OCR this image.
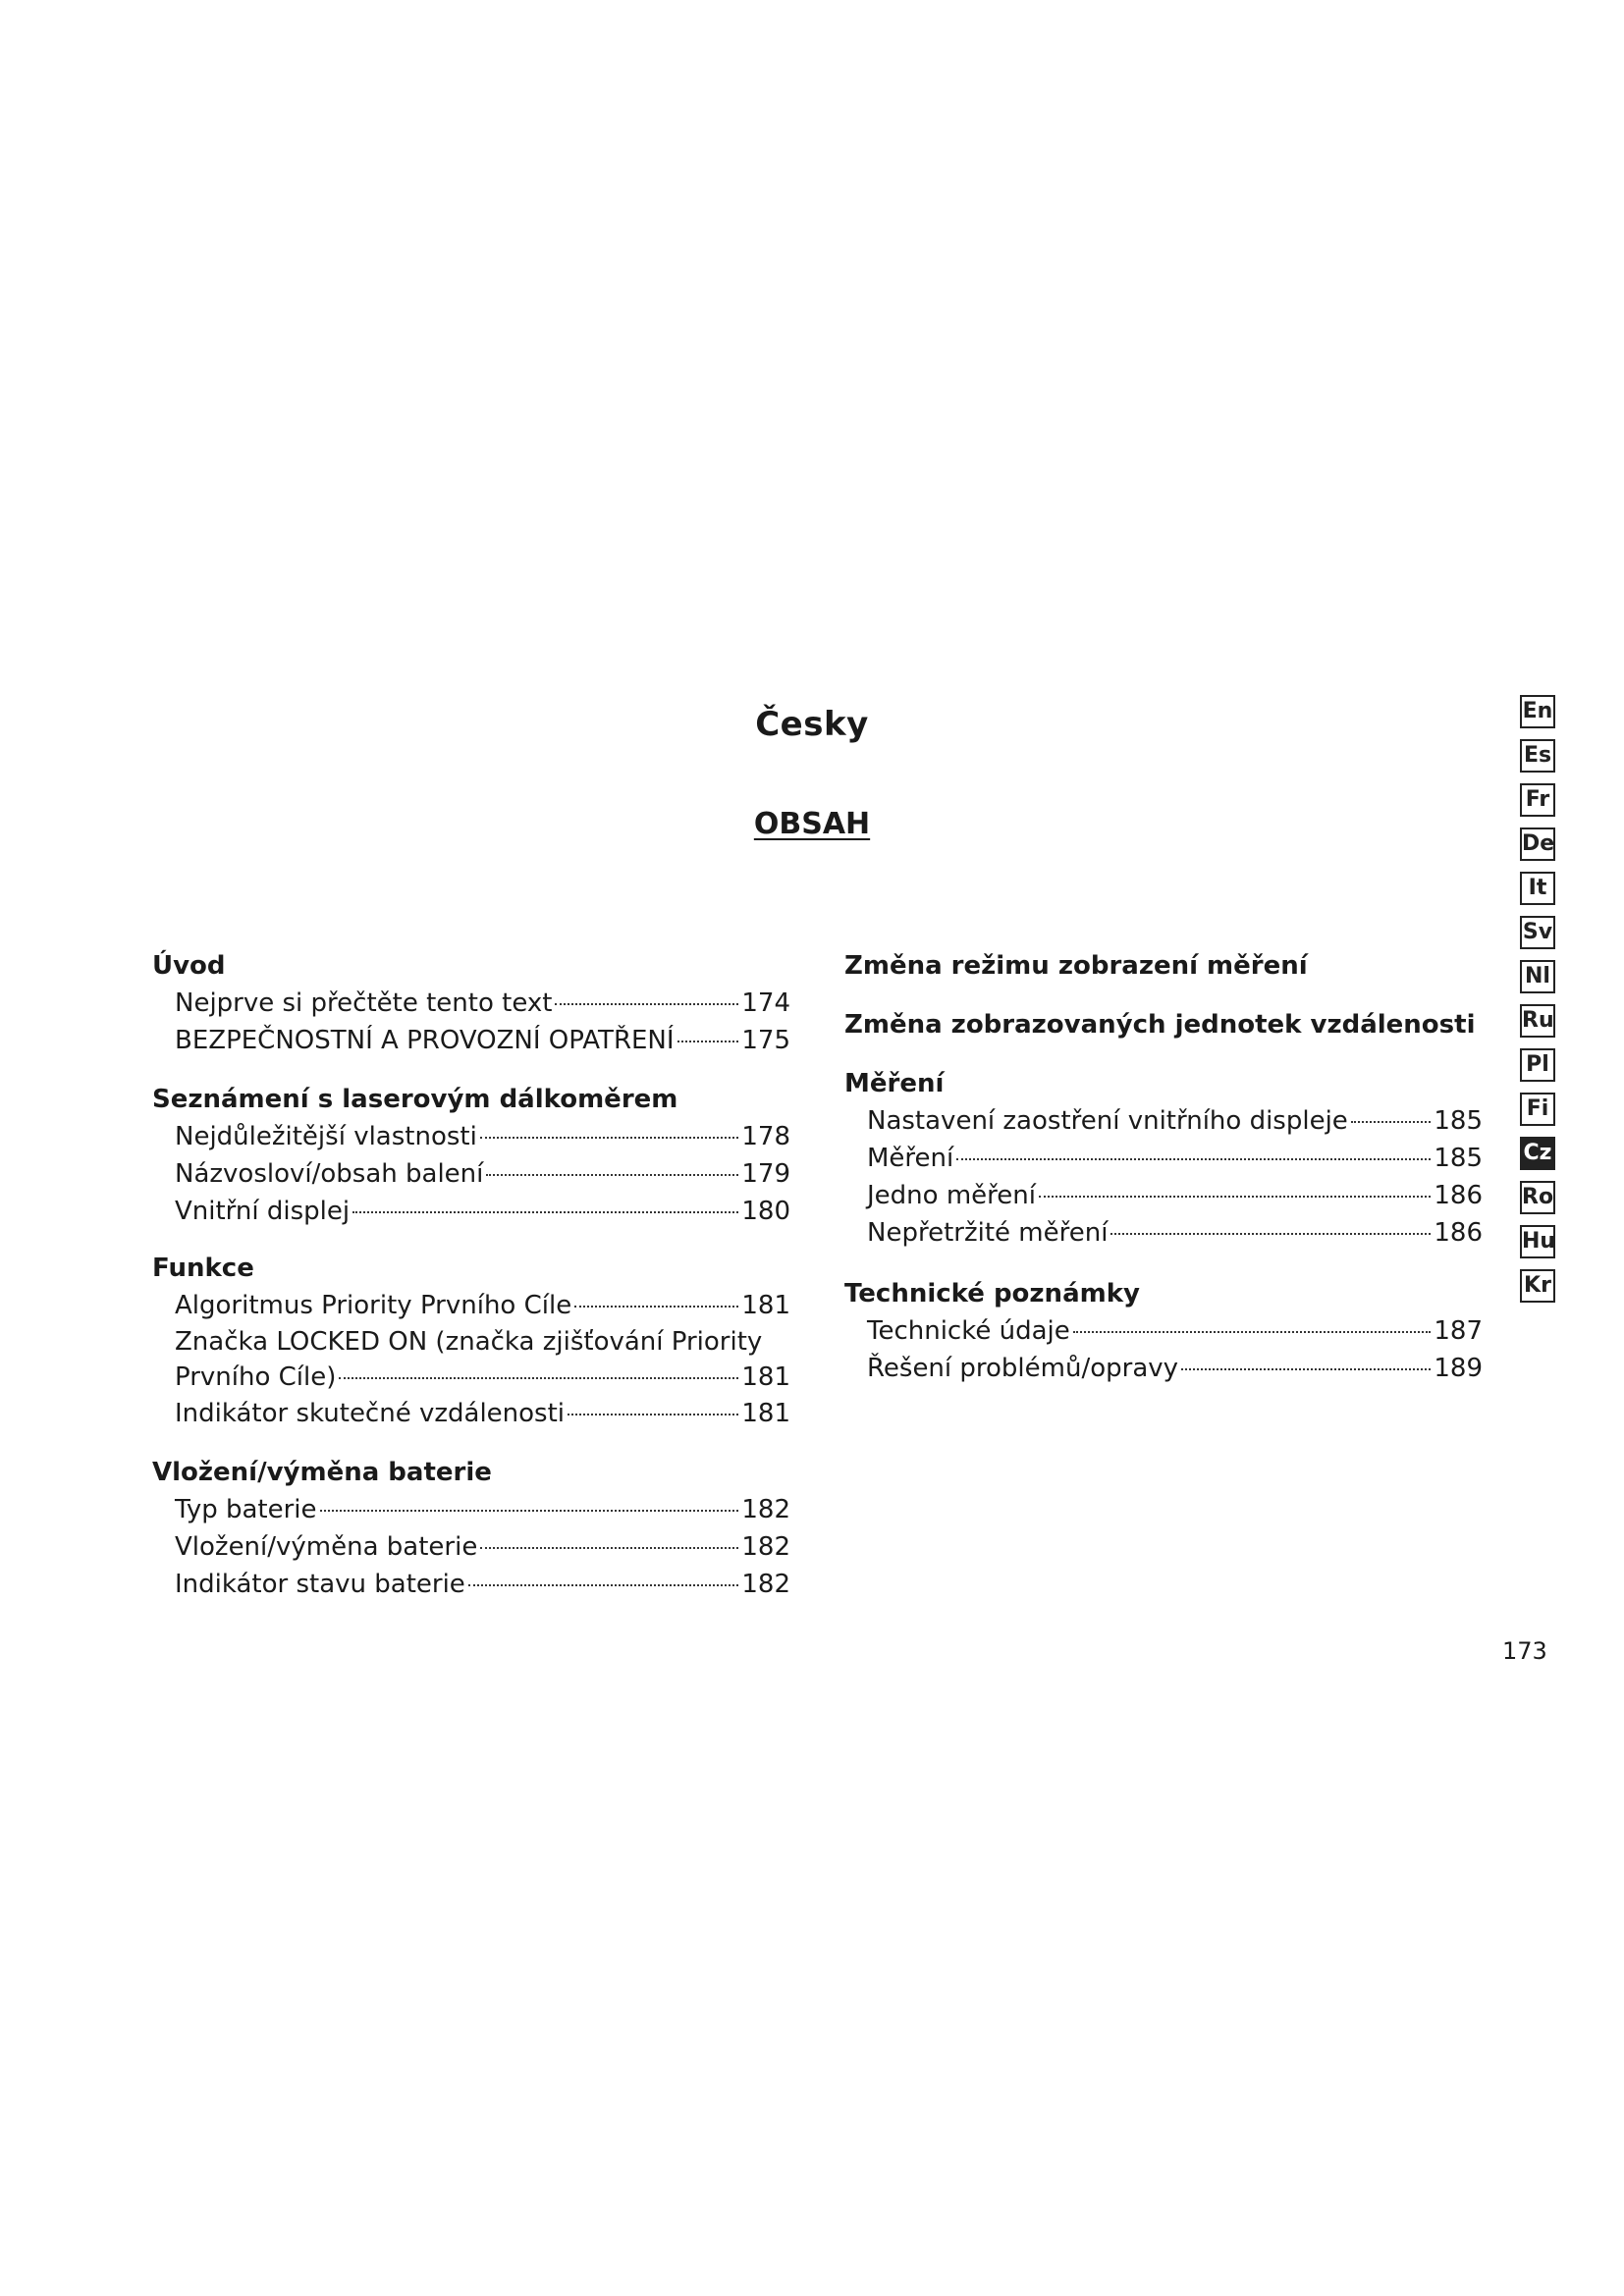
Česky
OBSAH
Úvod
Nejprve si přečtěte tento text	174
BEZPEČNOSTNÍ A PROVOZNÍ OPATŘENÍ	175
Seznámení s laserovým dálkoměrem
Nejdůležitější vlastnosti	178
Názvosloví/obsah balení	179
Vnitřní displej	180
Funkce
Algoritmus Priority Prvního Cíle	181
Značka LOCKED ON (značka zjišťování Priority
Prvního Cíle)	181
Indikátor skutečné vzdálenosti	181
Vložení/výměna baterie
Typ baterie	182
Vložení/výměna baterie	182
Indikátor stavu baterie	182
Změna režimu zobrazení měření
Změna zobrazovaných jednotek vzdálenosti
Měření
Nastavení zaostření vnitřního displeje	185
Měření	185
Jedno měření	186
Nepřetržité měření	186
Technické poznámky
Technické údaje	187
Řešení problémů/opravy	189
En
Es
Fr
De
It
Sv
Nl
Ru
Pl
Fi
Cz
Ro
Hu
Kr
173
